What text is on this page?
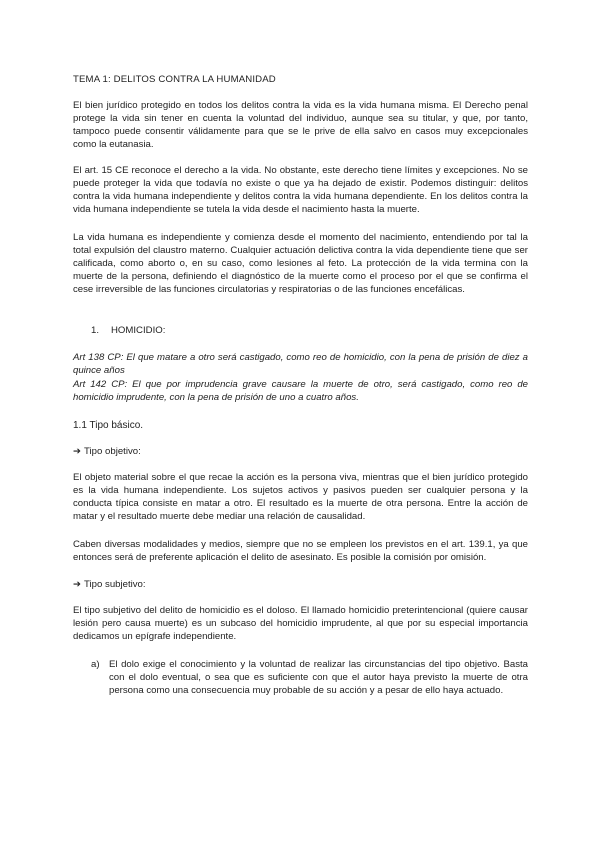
TEMA 1: DELITOS CONTRA LA HUMANIDAD

El bien jurídico protegido en todos los delitos contra la vida es la vida humana misma. El Derecho penal protege la vida sin tener en cuenta la voluntad del individuo, aunque sea su titular, y que, por tanto, tampoco puede consentir válidamente para que se le prive de ella salvo en casos muy excepcionales como la eutanasia.

El art. 15 CE reconoce el derecho a la vida. No obstante, este derecho tiene límites y excepciones. No se puede proteger la vida que todavía no existe o que ya ha dejado de existir. Podemos distinguir: delitos contra la vida humana independiente y delitos contra la vida humana dependiente. En los delitos contra la vida humana independiente se tutela la vida desde el nacimiento hasta la muerte.

La vida humana es independiente y comienza desde el momento del nacimiento, entendiendo por tal la total expulsión del claustro materno. Cualquier actuación delictiva contra la vida dependiente tiene que ser calificada, como aborto o, en su caso, como lesiones al feto. La protección de la vida termina con la muerte de la persona, definiendo el diagnóstico de la muerte como el proceso por el que se confirma el cese irreversible de las funciones circulatorias y respiratorias o de las funciones encefálicas.

1. HOMICIDIO:

Art 138 CP: El que matare a otro será castigado, como reo de homicidio, con la pena de prisión de diez a quince años

Art 142 CP: El que por imprudencia grave causare la muerte de otro, será castigado, como reo de homicidio imprudente, con la pena de prisión de uno a cuatro años.

1.1 Tipo básico.

➔ Tipo objetivo:

El objeto material sobre el que recae la acción es la persona viva, mientras que el bien jurídico protegido es la vida humana independiente. Los sujetos activos y pasivos pueden ser cualquier persona y la conducta típica consiste en matar a otro. El resultado es la muerte de otra persona. Entre la acción de matar y el resultado muerte debe mediar una relación de causalidad.

Caben diversas modalidades y medios, siempre que no se empleen los previstos en el art. 139.1, ya que entonces será de preferente aplicación el delito de asesinato. Es posible la comisión por omisión.

➔ Tipo subjetivo:

El tipo subjetivo del delito de homicidio es el doloso. El llamado homicidio preterintencional (quiere causar lesión pero causa muerte) es un subcaso del homicidio imprudente, al que por su especial importancia dedicamos un epígrafe independiente.

a) El dolo exige el conocimiento y la voluntad de realizar las circunstancias del tipo objetivo. Basta con el dolo eventual, o sea que es suficiente con que el autor haya previsto la muerte de otra persona como una consecuencia muy probable de su acción y a pesar de ello haya actuado.
